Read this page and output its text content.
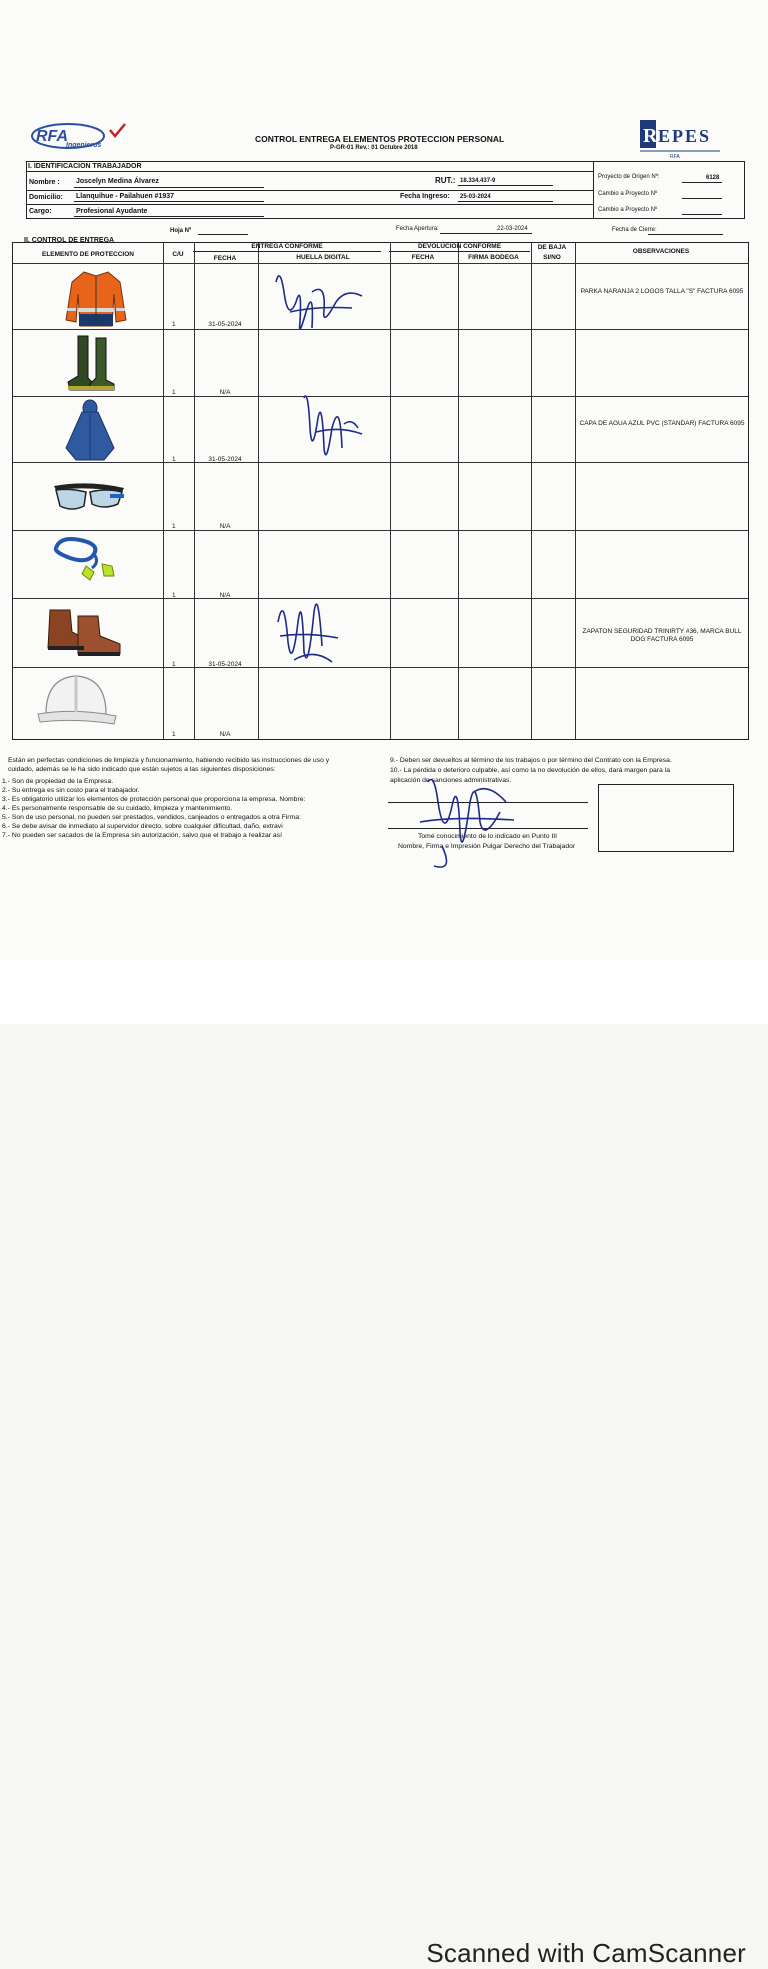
RFA
Ingenieros	R EPES
RFA
CONTROL ENTREGA ELEMENTOS PROTECCION PERSONAL
P-GR-01 Rev.: 01 Octubre 2018
I. IDENTIFICACION TRABAJADOR
Nombre : Joscelyn Medina Álvarez
Domicilio: Llanquihue - Pailahuen #1937
Cargo:	Profesional Ayudante
RUT.: 18.334.437-9
Fecha Ingreso: 25-03-2024
Proyecto de Origen Nº:	6128
Cambio a Proyecto Nº
Cambio a Proyecto Nº
Hoja Nº	Fecha Apertura:	22-03-2024	Fecha de Cierre:
II. CONTROL DE ENTREGA
ELEMENTO DE PROTECCION	C/U
ENTREGA CONFORME
FECHA	HUELLA DIGITAL
DEVOLUCION CONFORME
FECHA	FIRMA BODEGA
DE BAJA
SI/NO
OBSERVACIONES
1	31-05-2024
PARKA NARANJA 2 LOGOS TALLA "S" FACTURA 6095
1	N/A
1	31-05-2024
CAPA DE AGUA AZUL PVC (STANDAR) FACTURA 6095
1	N/A
1	N/A
1	31-05-2024
ZAPATON SEGURIDAD TRINIRTY #36, MARCA BULL DOG FACTURA 6095
1	N/A
Están en perfectas condiciones de limpieza y funcionamiento, habiendo recibido las instrucciones de uso y
cuidado, además se le ha sido indicado que están sujetos a las siguientes disposiciones:
1.- Son de propiedad de la Empresa.
2.- Su entrega es sin costo para el trabajador.
3.- Es obligatorio utilizar los elementos de protección personal que proporciona la empresa. Nombre:
4.- Es personalmente responsable de su cuidado, limpieza y mantenimiento.
5.- Son de uso personal, no pueden ser prestados, vendidos, canjeados o entregados a otra Firma:
6.- Se debe avisar de inmediato al supervidor directo, sobre cualquier dificultad, daño, extravi
7.- No pueden ser sacados de la Empresa sin autorización, salvo que el trabajo a realizar así
9.- Deben ser devueltos al término de los trabajos o por término del Contrato con la Empresa.
10.- La pérdida o deterioro culpable, así como la no devolución de ellos, dará margen para la
aplicación de sanciones administrativas.
Tomé conocimiento de lo indicado en Punto III
Nombre, Firma e Impresión Pulgar Derecho del Trabajador
Scanned with CamScanner
